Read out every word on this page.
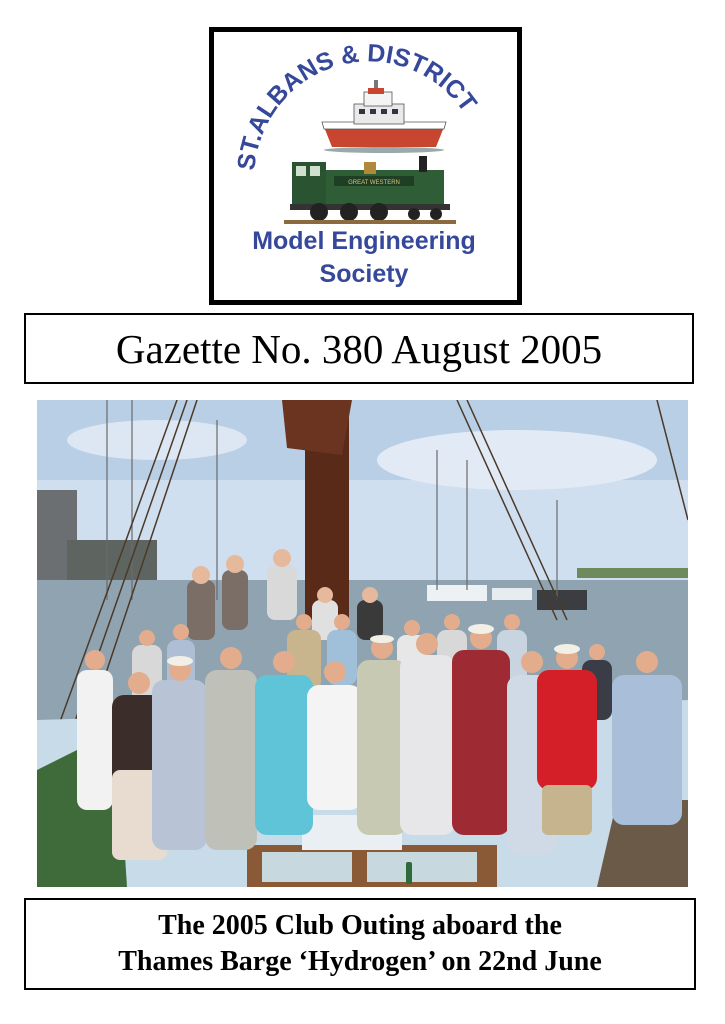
ST.ALBANS & DISTRICT
GREAT WESTERN
Model Engineering
Society
Gazette No. 380 August 2005
The 2005 Club Outing aboard the
Thames Barge ‘Hydrogen’ on 22nd June
